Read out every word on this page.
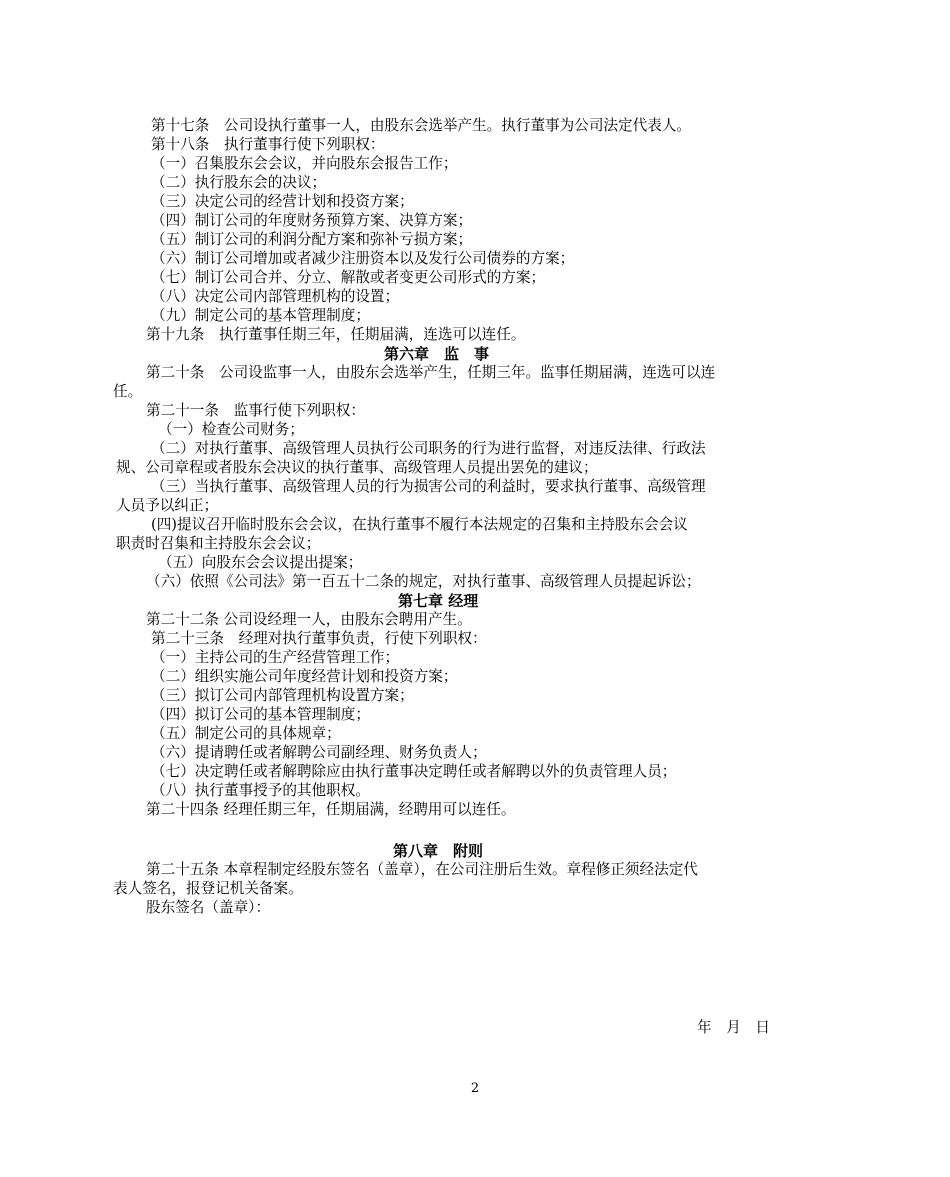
第十七条　公司设执行董事一人，由股东会选举产生。执行董事为公司法定代表人。
第十八条　执行董事行使下列职权：
（一）召集股东会会议，并向股东会报告工作；
（二）执行股东会的决议；
（三）决定公司的经营计划和投资方案；
（四）制订公司的年度财务预算方案、决算方案；
（五）制订公司的利润分配方案和弥补亏损方案；
（六）制订公司增加或者减少注册资本以及发行公司债券的方案；
（七）制订公司合并、分立、解散或者变更公司形式的方案；
（八）决定公司内部管理机构的设置；
（九）制定公司的基本管理制度；
第十九条　执行董事任期三年，任期届满，连选可以连任。
第六章　监　事
第二十条　公司设监事一人，由股东会选举产生，任期三年。监事任期届满，连选可以连
任。
第二十一条　监事行使下列职权：
（一）检查公司财务；
（二）对执行董事、高级管理人员执行公司职务的行为进行监督，对违反法律、行政法
规、公司章程或者股东会决议的执行董事、高级管理人员提出罢免的建议；
（三）当执行董事、高级管理人员的行为损害公司的利益时，要求执行董事、高级管理
人员予以纠正；
(四)提议召开临时股东会会议，在执行董事不履行本法规定的召集和主持股东会会议
职责时召集和主持股东会会议；
（五）向股东会会议提出提案；
（六）依照《公司法》第一百五十二条的规定，对执行董事、高级管理人员提起诉讼；
第七章 经理
第二十二条 公司设经理一人，由股东会聘用产生。
第二十三条　经理对执行董事负责，行使下列职权：
（一）主持公司的生产经营管理工作；
（二）组织实施公司年度经营计划和投资方案；
（三）拟订公司内部管理机构设置方案；
（四）拟订公司的基本管理制度；
（五）制定公司的具体规章；
（六）提请聘任或者解聘公司副经理、财务负责人；
（七）决定聘任或者解聘除应由执行董事决定聘任或者解聘以外的负责管理人员；
（八）执行董事授予的其他职权。
第二十四条 经理任期三年，任期届满，经聘用可以连任。
第八章　附则
第二十五条 本章程制定经股东签名（盖章），在公司注册后生效。章程修正须经法定代
表人签名，报登记机关备案。
股东签名（盖章）：
年　月　日
2
